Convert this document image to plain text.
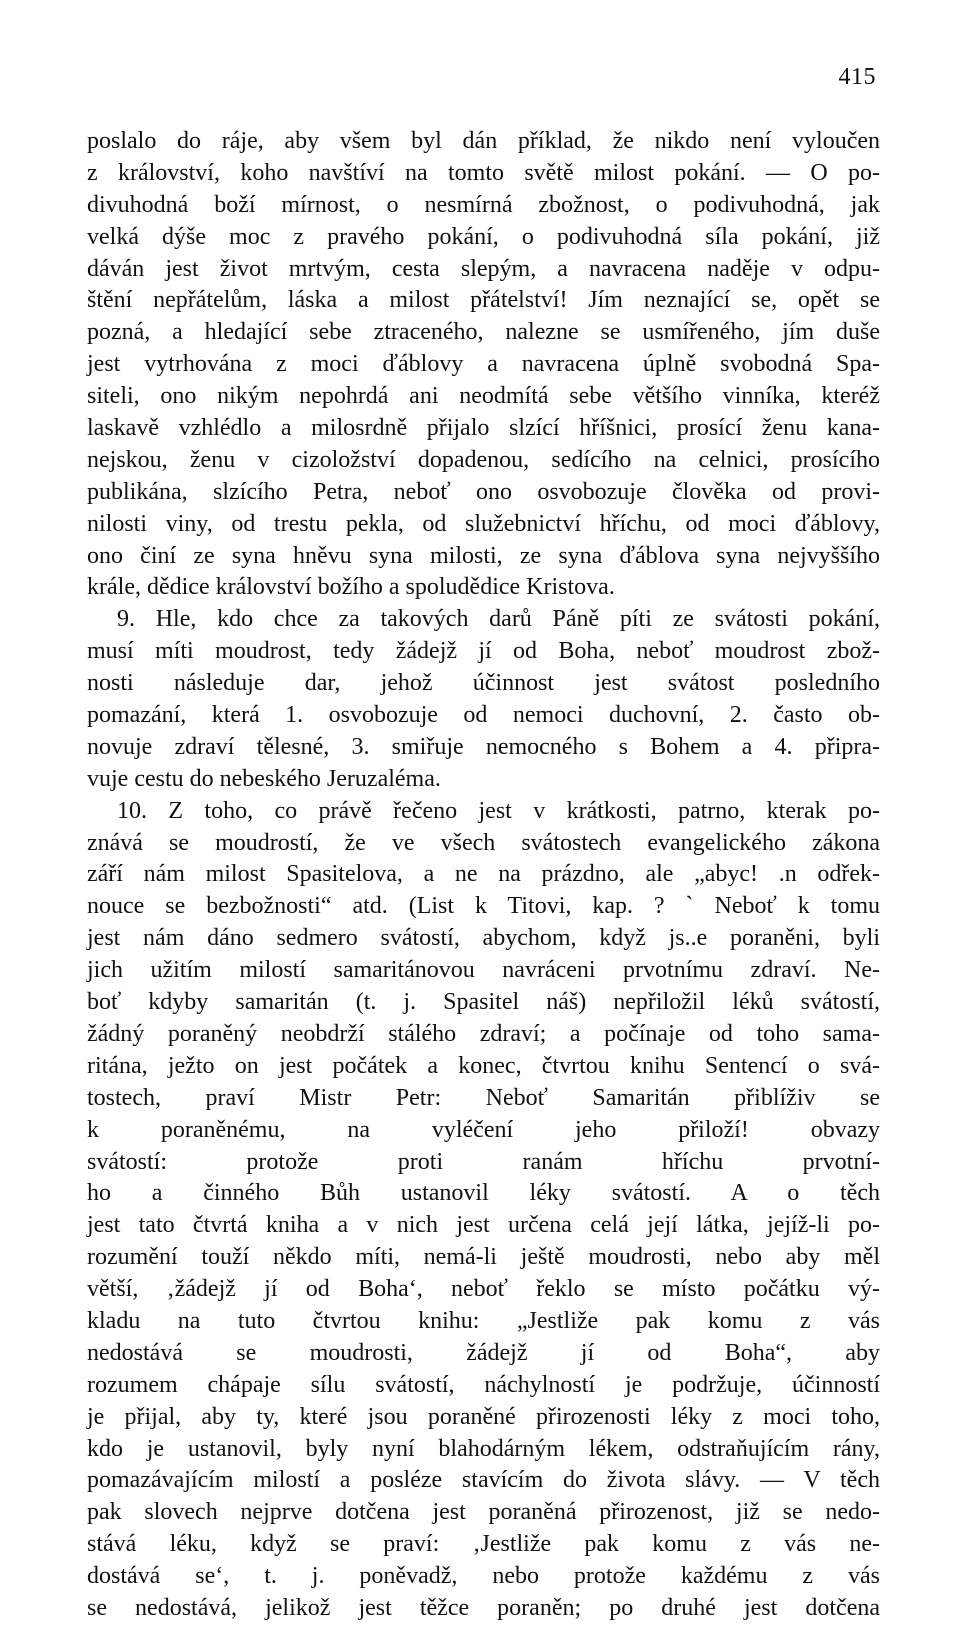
415
poslalo do ráje, aby všem byl dán příklad, že nikdo není vyloučen
z království, koho navštíví na tomto světě milost pokání. — O po-
divuhodná boží mírnost, o nesmírná zbožnost, o podivuhodná, jak
velká dýše moc z pravého pokání, o podivuhodná síla pokání, již
dáván jest život mrtvým, cesta slepým, a navracena naděje v odpu-
štění nepřátelům, láska a milost přátelství! Jím neznající se, opět se
pozná, a hledající sebe ztraceného, nalezne se usmířeného, jím duše
jest vytrhována z moci ďáblovy a navracena úplně svobodná Spa-
siteli, ono nikým nepohrdá ani neodmítá sebe většího vinníka, kteréž
laskavě vzhlédlo a milosrdně přijalo slzící hříšnici, prosící ženu kana-
nejskou, ženu v cizoložství dopadenou, sedícího na celnici, prosícího
publikána, slzícího Petra, neboť ono osvobozuje člověka od provi-
nilosti viny, od trestu pekla, od služebnictví hříchu, od moci ďáblovy,
ono činí ze syna hněvu syna milosti, ze syna ďáblova syna nejvyššího
krále, dědice království božího a spoludědice Kristova.
9. Hle, kdo chce za takových darů Páně píti ze svátosti pokání,
musí míti moudrost, tedy žádejž jí od Boha, neboť moudrost zbož-
nosti následuje dar, jehož účinnost jest svátost posledního
pomazání, která 1. osvobozuje od nemoci duchovní, 2. často ob-
novuje zdraví tělesné, 3. smiřuje nemocného s Bohem a 4. připra-
vuje cestu do nebeského Jeruzaléma.
10. Z toho, co právě řečeno jest v krátkosti, patrno, kterak po-
znává se moudrostí, že ve všech svátostech evangelického zákona
září nám milost Spasitelova, a ne na prázdno, ale „abyc! .n odřek-
nouce se bezbožnosti“ atd. (List k Titovi, kap. ? ` Neboť k tomu
jest nám dáno sedmero svátostí, abychom, když js..e poraněni, byli
jich užitím milostí samaritánovou navráceni prvotnímu zdraví. Ne-
boť kdyby samaritán (t. j. Spasitel náš) nepřiložil léků svátostí,
žádný poraněný neobdrží stálého zdraví; a počínaje od toho sama-
ritána, ježto on jest počátek a konec, čtvrtou knihu Sentencí o svá-
tostech, praví Mistr Petr: Neboť Samaritán přiblíživ se
k poraněnému, na vyléčení jeho přiloží! obvazy
svátostí: protože proti ranám hříchu prvotní-
ho a činného Bůh ustanovil léky svátostí. A o těch
jest tato čtvrtá kniha a v nich jest určena celá její látka, jejíž-li po-
rozumění touží někdo míti, nemá-li ještě moudrosti, nebo aby měl
větší, ‚žádejž jí od Boha‘, neboť řeklo se místo počátku vý-
kladu na tuto čtvrtou knihu: „Jestliže pak komu z vás
nedostává se moudrosti, žádejž jí od Boha“, aby
rozumem chápaje sílu svátostí, náchylností je podržuje, účinností
je přijal, aby ty, které jsou poraněné přirozenosti léky z moci toho,
kdo je ustanovil, byly nyní blahodárným lékem, odstraňujícím rány,
pomazávajícím milostí a posléze stavícím do života slávy. — V těch
pak slovech nejprve dotčena jest poraněná přirozenost, již se nedo-
stává léku, když se praví: ‚Jestliže pak komu z vás ne-
dostává se‘, t. j. poněvadž, nebo protože každému z vás
se nedostává, jelikož jest těžce poraněn; po druhé jest dotčena
